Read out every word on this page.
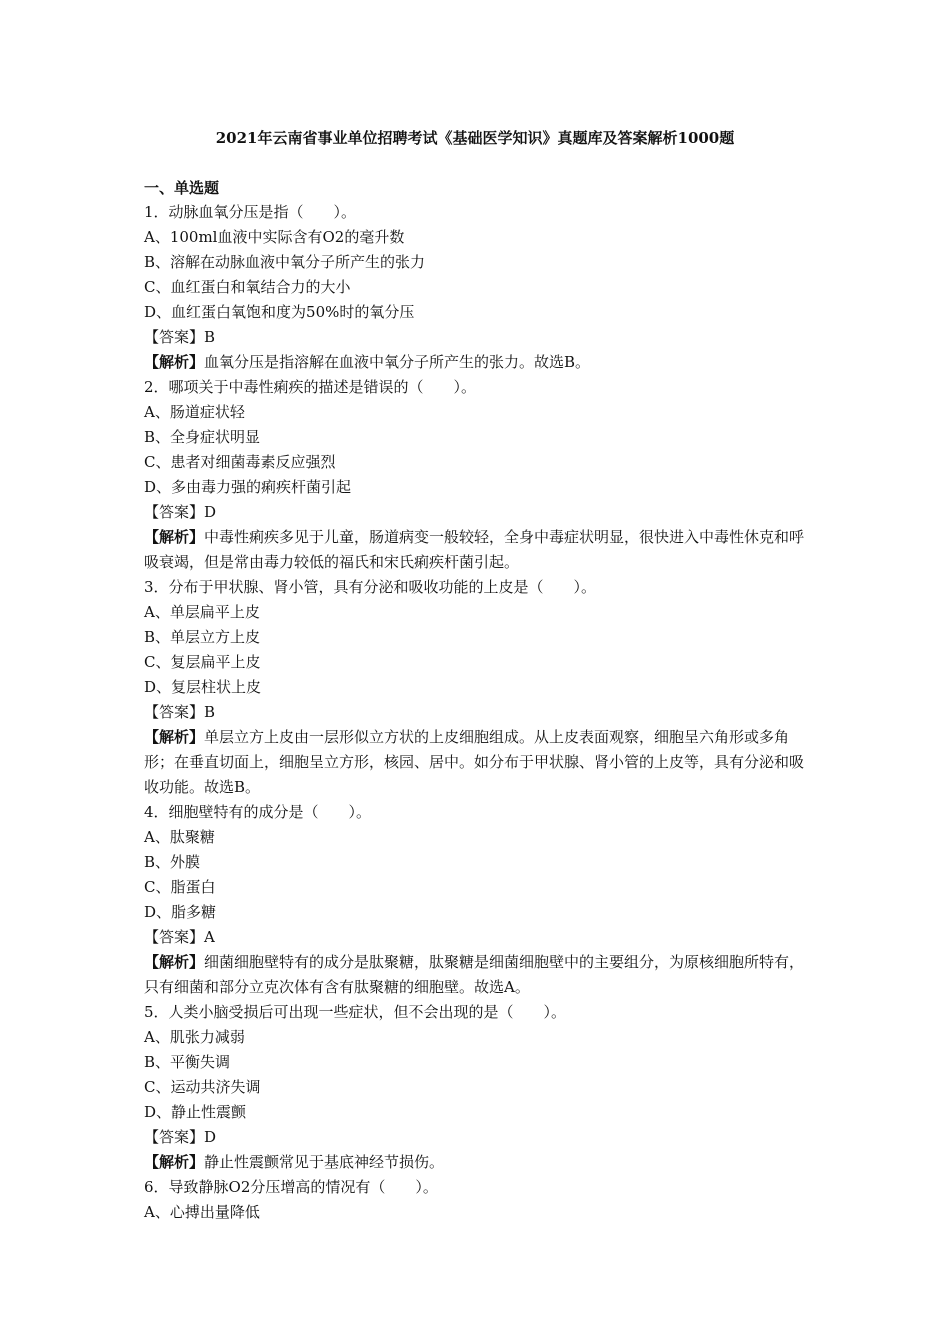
2021年云南省事业单位招聘考试《基础医学知识》真题库及答案解析1000题
一、单选题
1．动脉血氧分压是指（　　）。
A、100ml血液中实际含有O2的毫升数
B、溶解在动脉血液中氧分子所产生的张力
C、血红蛋白和氧结合力的大小
D、血红蛋白氧饱和度为50%时的氧分压
【答案】B
【解析】血氧分压是指溶解在血液中氧分子所产生的张力。故选B。
2．哪项关于中毒性痢疾的描述是错误的（　　）。
A、肠道症状轻
B、全身症状明显
C、患者对细菌毒素反应强烈
D、多由毒力强的痢疾杆菌引起
【答案】D
【解析】中毒性痢疾多见于儿童，肠道病变一般较轻，全身中毒症状明显，很快进入中毒性休克和呼吸衰竭，但是常由毒力较低的福氏和宋氏痢疾杆菌引起。
3．分布于甲状腺、肾小管，具有分泌和吸收功能的上皮是（　　）。
A、单层扁平上皮
B、单层立方上皮
C、复层扁平上皮
D、复层柱状上皮
【答案】B
【解析】单层立方上皮由一层形似立方状的上皮细胞组成。从上皮表面观察，细胞呈六角形或多角形；在垂直切面上，细胞呈立方形，核园、居中。如分布于甲状腺、肾小管的上皮等，具有分泌和吸收功能。故选B。
4．细胞壁特有的成分是（　　）。
A、肽聚糖
B、外膜
C、脂蛋白
D、脂多糖
【答案】A
【解析】细菌细胞壁特有的成分是肽聚糖，肽聚糖是细菌细胞壁中的主要组分，为原核细胞所特有，只有细菌和部分立克次体有含有肽聚糖的细胞壁。故选A。
5．人类小脑受损后可出现一些症状，但不会出现的是（　　）。
A、肌张力减弱
B、平衡失调
C、运动共济失调
D、静止性震颤
【答案】D
【解析】静止性震颤常见于基底神经节损伤。
6．导致静脉O2分压增高的情况有（　　）。
A、心搏出量降低
